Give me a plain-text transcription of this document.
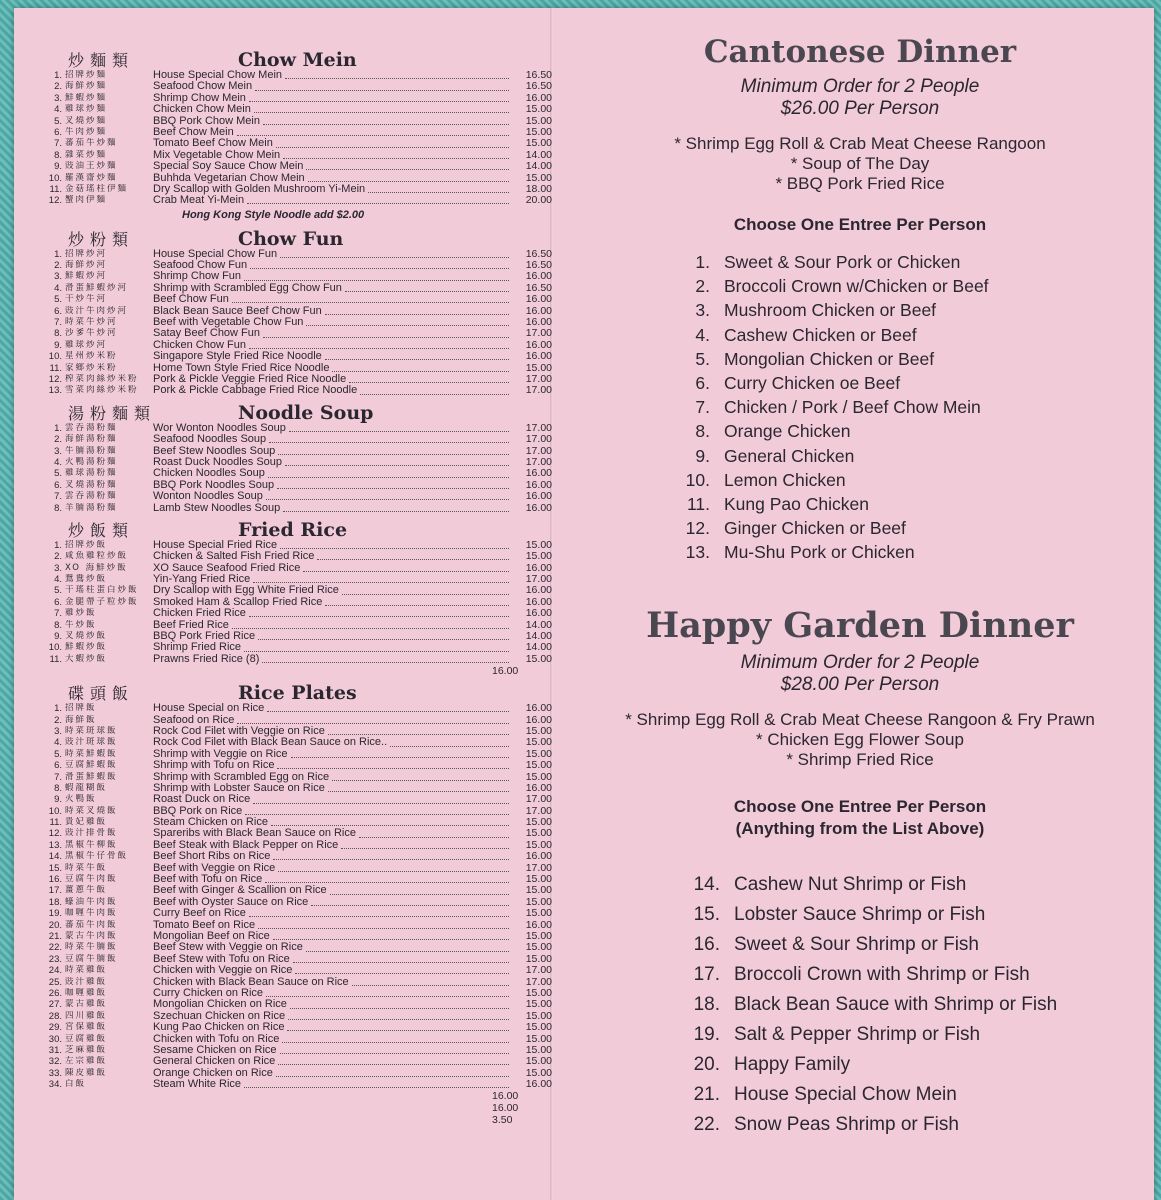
炒麵類	Chow Mein
1. 招牌炒麵	House Special Chow Mein	16.50
2. 海鮮炒麵	Seafood Chow Mein	16.50
3. 鮮蝦炒麵	Shrimp Chow Mein	16.00
4. 雞球炒麵	Chicken Chow Mein	15.00
5. 叉燒炒麵	BBQ Pork Chow Mein	15.00
6. 牛肉炒麵	Beef Chow Mein	15.00
7. 蕃茄牛炒麵	Tomato Beef Chow Mein	15.00
8. 雜菜炒麵	Mix Vegetable Chow Mein	14.00
9. 豉油王炒麵	Special Soy Sauce Chow Mein	14.00
10. 羅漢齋炒麵	Buhhda Vegetarian Chow Mein	15.00
11. 金菇瑤柱伊麵	Dry Scallop with Golden Mushroom Yi-Mein	18.00
12. 蟹肉伊麵	Crab Meat Yi-Mein	20.00
Hong Kong Style Noodle add $2.00
炒粉類	Chow Fun
1. 招牌炒河	House Special Chow Fun	16.50
2. 海鮮炒河	Seafood Chow Fun	16.50
3. 鮮蝦炒河	Shrimp Chow Fun	16.00
4. 滑蛋鮮蝦炒河	Shrimp with Scrambled Egg Chow Fun	16.50
5. 干炒牛河	Beef Chow Fun	16.00
6. 豉汁牛肉炒河	Black Bean Sauce Beef Chow Fun	16.00
7. 時菜牛炒河	Beef with Vegetable Chow Fun	16.00
8. 沙爹牛炒河	Satay Beef Chow Fun	17.00
9. 雞球炒河	Chicken Chow Fun	16.00
10. 星州炒米粉	Singapore Style Fried Rice Noodle	16.00
11. 家鄉炒米粉	Home Town Style Fried Rice Noodle	15.00
12. 榨菜肉絲炒米粉	Pork & Pickle Veggie Fried Rice Noodle	17.00
13. 雪菜肉絲炒米粉	Pork & Pickle Cabbage Fried Rice Noodle	17.00
湯粉麵類	Noodle Soup
1. 雲吞湯粉麵	Wor Wonton Noodles Soup	17.00
2. 海鮮湯粉麵	Seafood Noodles Soup	17.00
3. 牛腩湯粉麵	Beef Stew Noodles Soup	17.00
4. 火鴨湯粉麵	Roast Duck Noodles Soup	17.00
5. 雞球湯粉麵	Chicken Noodles Soup	16.00
6. 叉燒湯粉麵	BBQ Pork Noodles Soup	16.00
7. 雲吞湯粉麵	Wonton Noodles Soup	16.00
8. 羊腩湯粉麵	Lamb Stew Noodles Soup	16.00
炒飯類	Fried Rice
1. 招牌炒飯	House Special Fried Rice	15.00
2. 咸魚雞粒炒飯	Chicken & Salted Fish Fried Rice	15.00
3. XO 海鮮炒飯	XO Sauce Seafood Fried Rice	16.00
4. 鴛鴦炒飯	Yin-Yang Fried Rice	17.00
5. 干瑤柱蛋白炒飯	Dry Scallop with Egg White Fried Rice	16.00
6. 金腿帶子粒炒飯	Smoked Ham & Scallop Fried Rice	16.00
7. 雞炒飯	Chicken Fried Rice	16.00
8. 牛炒飯	Beef Fried Rice	14.00
9. 叉燒炒飯	BBQ Pork Fried Rice	14.00
10. 鮮蝦炒飯	Shrimp Fried Rice	14.00
11. 大蝦炒飯	Prawns Fried Rice (8)	15.00
16.00
碟頭飯	Rice Plates
1. 招牌飯	House Special on Rice	16.00
2. 海鮮飯	Seafood on Rice	16.00
3. 時菜斑球飯	Rock Cod Filet with Veggie on Rice	15.00
4. 豉汁斑球飯	Rock Cod Filet with Black Bean Sauce on Rice..	15.00
5. 時菜鮮蝦飯	Shrimp with Veggie on Rice	15.00
6. 豆腐鮮蝦飯	Shrimp with Tofu on Rice	15.00
7. 滑蛋鮮蝦飯	Shrimp with Scrambled Egg on Rice	15.00
8. 蝦龍糊飯	Shrimp with Lobster Sauce on Rice	16.00
9. 火鴨飯	Roast Duck on Rice	17.00
10. 時菜叉燒飯	BBQ Pork on Rice	17.00
11. 貴妃雞飯	Steam Chicken on Rice	15.00
12. 豉汁排骨飯	Spareribs with Black Bean Sauce on Rice	15.00
13. 黑椒牛柳飯	Beef Steak with Black Pepper on Rice	15.00
14. 黑椒牛仔骨飯	Beef Short Ribs on Rice	16.00
15. 時菜牛飯	Beef with Veggie on Rice	17.00
16. 豆腐牛肉飯	Beef with Tofu on Rice	15.00
17. 薑蔥牛飯	Beef with Ginger & Scallion on Rice	15.00
18. 蠔油牛肉飯	Beef with Oyster Sauce on Rice	15.00
19. 咖喱牛肉飯	Curry Beef on Rice	15.00
20. 蕃茄牛肉飯	Tomato Beef on Rice	16.00
21. 蒙古牛肉飯	Mongolian Beef on Rice	15.00
22. 時菜牛腩飯	Beef Stew with Veggie on Rice	15.00
23. 豆腐牛腩飯	Beef Stew with Tofu on Rice	15.00
24. 時菜雞飯	Chicken with Veggie on Rice	17.00
25. 豉汁雞飯	Chicken with Black Bean Sauce on Rice	17.00
26. 咖喱雞飯	Curry Chicken on Rice	15.00
27. 蒙古雞飯	Mongolian Chicken on Rice	15.00
28. 四川雞飯	Szechuan Chicken on Rice	15.00
29. 宮保雞飯	Kung Pao Chicken on Rice	15.00
30. 豆腐雞飯	Chicken with Tofu on Rice	15.00
31. 芝麻雞飯	Sesame Chicken on Rice	15.00
32. 左宗雞飯	General Chicken on Rice	15.00
33. 陳皮雞飯	Orange Chicken on Rice	15.00
34. 白飯	Steam White Rice	16.00
16.00
16.00
3.50
Cantonese Dinner
Minimum Order for 2 People
$26.00 Per Person
* Shrimp Egg Roll & Crab Meat Cheese Rangoon
* Soup of The Day
* BBQ Pork Fried Rice
Choose One Entree Per Person
1. Sweet & Sour Pork or Chicken
2. Broccoli Crown w/Chicken or Beef
3. Mushroom Chicken or Beef
4. Cashew Chicken or Beef
5. Mongolian Chicken or Beef
6. Curry Chicken oe Beef
7. Chicken / Pork / Beef Chow Mein
8. Orange Chicken
9. General Chicken
10. Lemon Chicken
11. Kung Pao Chicken
12. Ginger Chicken or Beef
13. Mu-Shu Pork or Chicken
Happy Garden Dinner
Minimum Order for 2 People
$28.00 Per Person
* Shrimp Egg Roll & Crab Meat Cheese Rangoon & Fry Prawn
* Chicken Egg Flower Soup
* Shrimp Fried Rice
Choose One Entree Per Person
(Anything from the List Above)
14. Cashew Nut Shrimp or Fish
15. Lobster Sauce Shrimp or Fish
16. Sweet & Sour Shrimp or Fish
17. Broccoli Crown with Shrimp or Fish
18. Black Bean Sauce with Shrimp or Fish
19. Salt & Pepper Shrimp or Fish
20. Happy Family
21. House Special Chow Mein
22. Snow Peas Shrimp or Fish
